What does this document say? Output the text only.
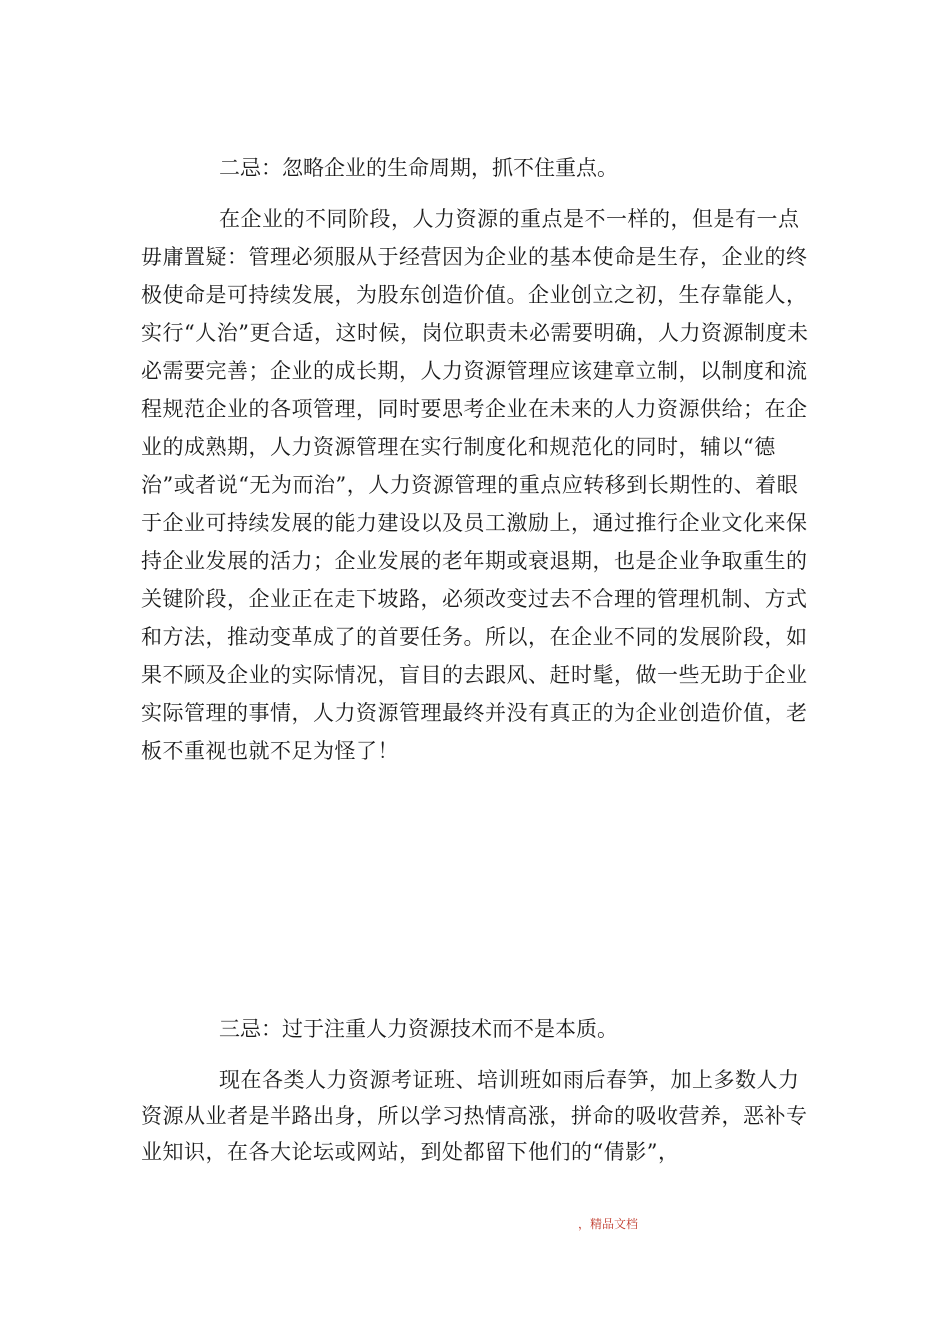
二忌：忽略企业的生命周期，抓不住重点。

在企业的不同阶段，人力资源的重点是不一样的，但是有一点毋庸置疑：管理必须服从于经营因为企业的基本使命是生存，企业的终极使命是可持续发展，为股东创造价值。企业创立之初，生存靠能人，实行“人治”更合适，这时候，岗位职责未必需要明确，人力资源制度未必需要完善；企业的成长期，人力资源管理应该建章立制，以制度和流程规范企业的各项管理，同时要思考企业在未来的人力资源供给；在企业的成熟期，人力资源管理在实行制度化和规范化的同时，辅以“德治”或者说“无为而治”，人力资源管理的重点应转移到长期性的、着眼于企业可持续发展的能力建设以及员工激励上，通过推行企业文化来保持企业发展的活力；企业发展的老年期或衰退期，也是企业争取重生的关键阶段，企业正在走下坡路，必须改变过去不合理的管理机制、方式和方法，推动变革成了的首要任务。所以，在企业不同的发展阶段，如果不顾及企业的实际情况，盲目的去跟风、赶时髦，做一些无助于企业实际管理的事情，人力资源管理最终并没有真正的为企业创造价值，老板不重视也就不足为怪了！

三忌：过于注重人力资源技术而不是本质。

现在各类人力资源考证班、培训班如雨后春笋，加上多数人力资源从业者是半路出身，所以学习热情高涨，拼命的吸收营养，恶补专业知识，在各大论坛或网站，到处都留下他们的“倩影”，

，精品文档
